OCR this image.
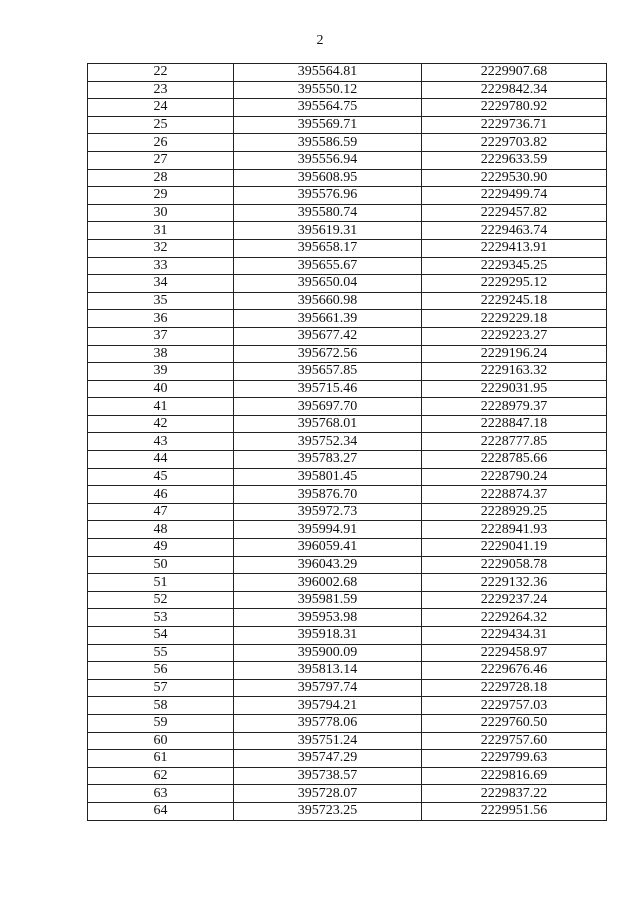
2
22	395564.81	2229907.68
23	395550.12	2229842.34
24	395564.75	2229780.92
25	395569.71	2229736.71
26	395586.59	2229703.82
27	395556.94	2229633.59
28	395608.95	2229530.90
29	395576.96	2229499.74
30	395580.74	2229457.82
31	395619.31	2229463.74
32	395658.17	2229413.91
33	395655.67	2229345.25
34	395650.04	2229295.12
35	395660.98	2229245.18
36	395661.39	2229229.18
37	395677.42	2229223.27
38	395672.56	2229196.24
39	395657.85	2229163.32
40	395715.46	2229031.95
41	395697.70	2228979.37
42	395768.01	2228847.18
43	395752.34	2228777.85
44	395783.27	2228785.66
45	395801.45	2228790.24
46	395876.70	2228874.37
47	395972.73	2228929.25
48	395994.91	2228941.93
49	396059.41	2229041.19
50	396043.29	2229058.78
51	396002.68	2229132.36
52	395981.59	2229237.24
53	395953.98	2229264.32
54	395918.31	2229434.31
55	395900.09	2229458.97
56	395813.14	2229676.46
57	395797.74	2229728.18
58	395794.21	2229757.03
59	395778.06	2229760.50
60	395751.24	2229757.60
61	395747.29	2229799.63
62	395738.57	2229816.69
63	395728.07	2229837.22
64	395723.25	2229951.56
